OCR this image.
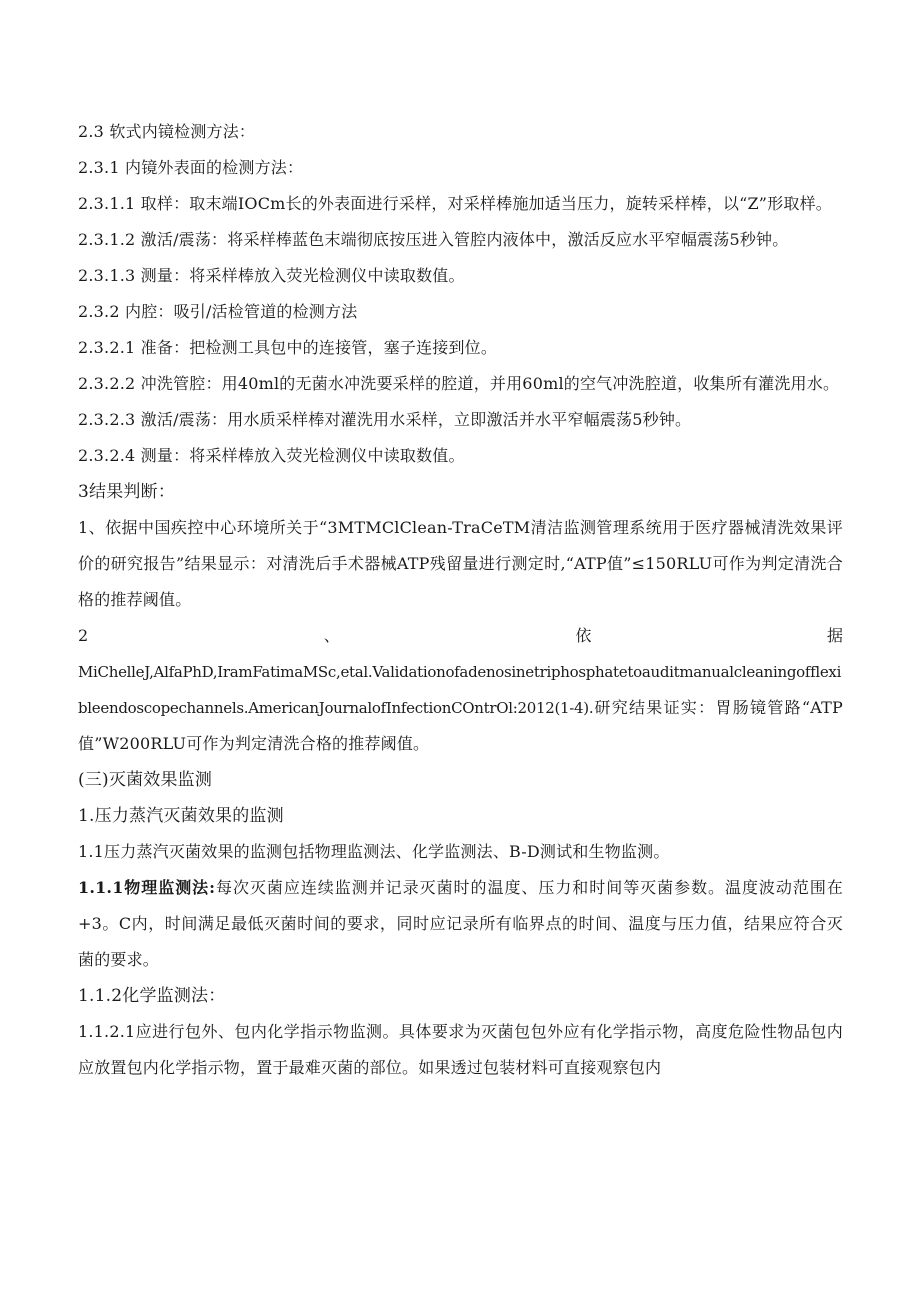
2.3 软式内镜检测方法：

2.3.1 内镜外表面的检测方法：

2.3.1.1 取样：取末端IOCm长的外表面进行采样，对采样棒施加适当压力，旋转采样棒，以“Z”形取样。

2.3.1.2 激活/震荡：将采样棒蓝色末端彻底按压进入管腔内液体中，激活反应水平窄幅震荡5秒钟。

2.3.1.3 测量：将采样棒放入荧光检测仪中读取数值。

2.3.2 内腔：吸引/活检管道的检测方法

2.3.2.1 准备：把检测工具包中的连接管，塞子连接到位。

2.3.2.2 冲洗管腔：用40ml的无菌水冲洗要采样的腔道，并用60ml的空气冲洗腔道，收集所有灌洗用水。

2.3.2.3 激活/震荡：用水质采样棒对灌洗用水采样，立即激活并水平窄幅震荡5秒钟。

2.3.2.4 测量：将采样棒放入荧光检测仪中读取数值。

3结果判断：

1、依据中国疾控中心环境所关于“3MTMClClean-TraCeTM清洁监测管理系统用于医疗器械清洗效果评价的研究报告”结果显示：对清洗后手术器械ATP残留量进行测定时,“ATP值”≤150RLU可作为判定清洗合格的推荐阈值。

2	、	依	据

MiChelleJ,AlfaPhD,IramFatimaMSc,etal.Validationofadenosinetriphosphatetoauditmanualcleaningofflexibleendoscopechannels.AmericanJournalofInfectionCOntrOl:2012(1-4).研究结果证实：胃肠镜管路“ATP值”W200RLU可作为判定清洗合格的推荐阈值。

(三)灭菌效果监测

1.压力蒸汽灭菌效果的监测

1.1压力蒸汽灭菌效果的监测包括物理监测法、化学监测法、B-D测试和生物监测。

1.1.1物理监测法:每次灭菌应连续监测并记录灭菌时的温度、压力和时间等灭菌参数。温度波动范围在+3。C内，时间满足最低灭菌时间的要求，同时应记录所有临界点的时间、温度与压力值，结果应符合灭菌的要求。

1.1.2化学监测法：

1.1.2.1应进行包外、包内化学指示物监测。具体要求为灭菌包包外应有化学指示物，高度危险性物品包内应放置包内化学指示物，置于最难灭菌的部位。如果透过包装材料可直接观察包内
